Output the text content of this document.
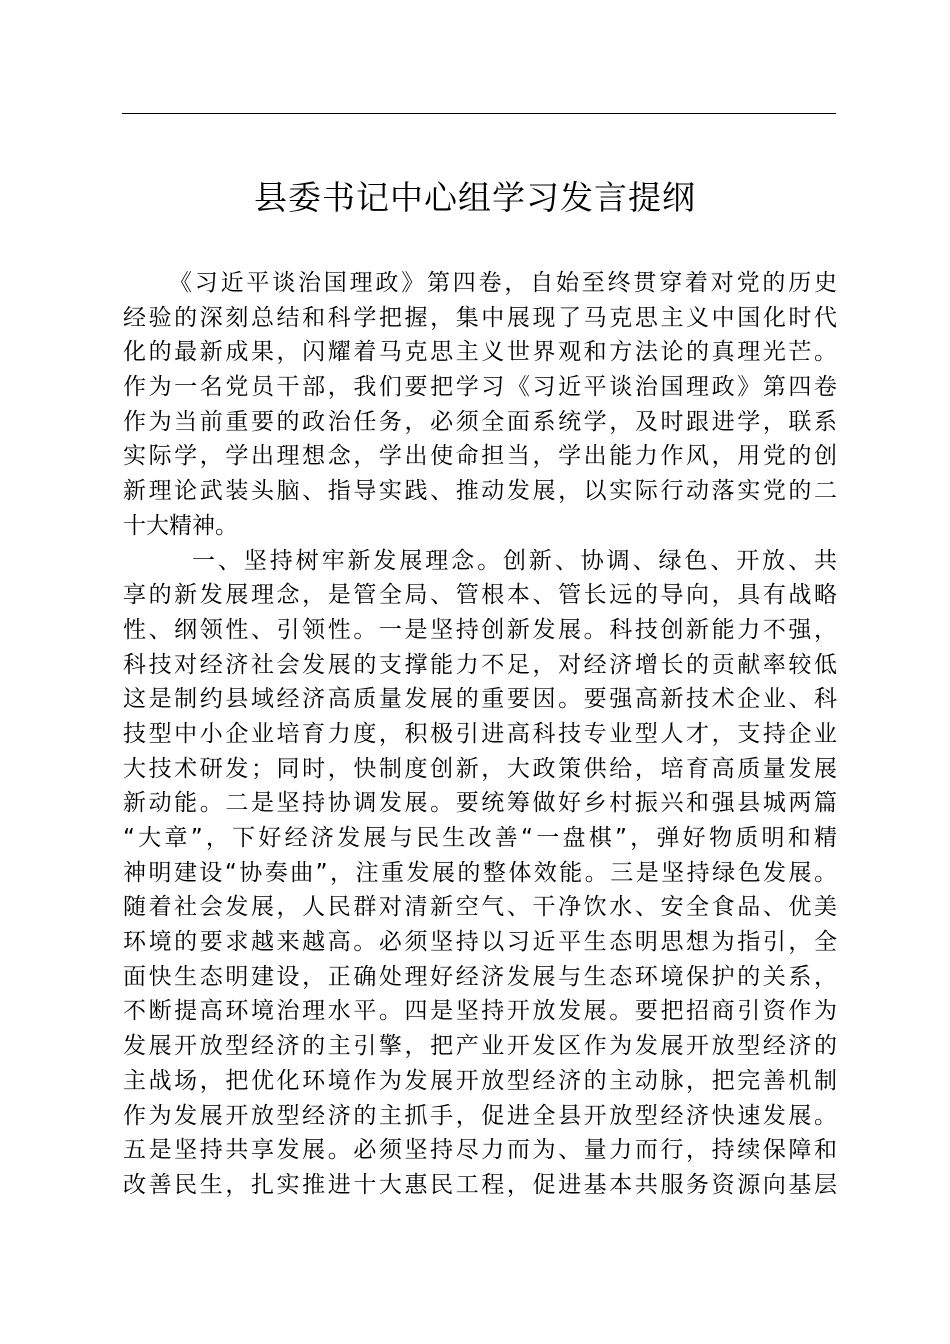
县委书记中心组学习发言提纲
《习近平谈治国理政》第四卷，自始至终贯穿着对党的历史
经验的深刻总结和科学把握，集中展现了马克思主义中国化时代
化的最新成果，闪耀着马克思主义世界观和方法论的真理光芒。
作为一名党员干部，我们要把学习《习近平谈治国理政》第四卷
作为当前重要的政治任务，必须全面系统学，及时跟进学，联系
实际学，学出理想念，学出使命担当，学出能力作风，用党的创
新理论武装头脑、指导实践、推动发展，以实际行动落实党的二
十大精神。
一、坚持树牢新发展理念。创新、协调、绿色、开放、共
享的新发展理念，是管全局、管根本、管长远的导向，具有战略
性、纲领性、引领性。一是坚持创新发展。科技创新能力不强，
科技对经济社会发展的支撑能力不足，对经济增长的贡献率较低
这是制约县域经济高质量发展的重要因。要强高新技术企业、科
技型中小企业培育力度，积极引进高科技专业型人才，支持企业
大技术研发；同时，快制度创新，大政策供给，培育高质量发展
新动能。二是坚持协调发展。要统筹做好乡村振兴和强县城两篇
“大章”，下好经济发展与民生改善“一盘棋”，弹好物质明和精
神明建设“协奏曲”，注重发展的整体效能。三是坚持绿色发展。
随着社会发展，人民群对清新空气、干净饮水、安全食品、优美
环境的要求越来越高。必须坚持以习近平生态明思想为指引，全
面快生态明建设，正确处理好经济发展与生态环境保护的关系，
不断提高环境治理水平。四是坚持开放发展。要把招商引资作为
发展开放型经济的主引擎，把产业开发区作为发展开放型经济的
主战场，把优化环境作为发展开放型经济的主动脉，把完善机制
作为发展开放型经济的主抓手，促进全县开放型经济快速发展。
五是坚持共享发展。必须坚持尽力而为、量力而行，持续保障和
改善民生，扎实推进十大惠民工程，促进基本共服务资源向基层
